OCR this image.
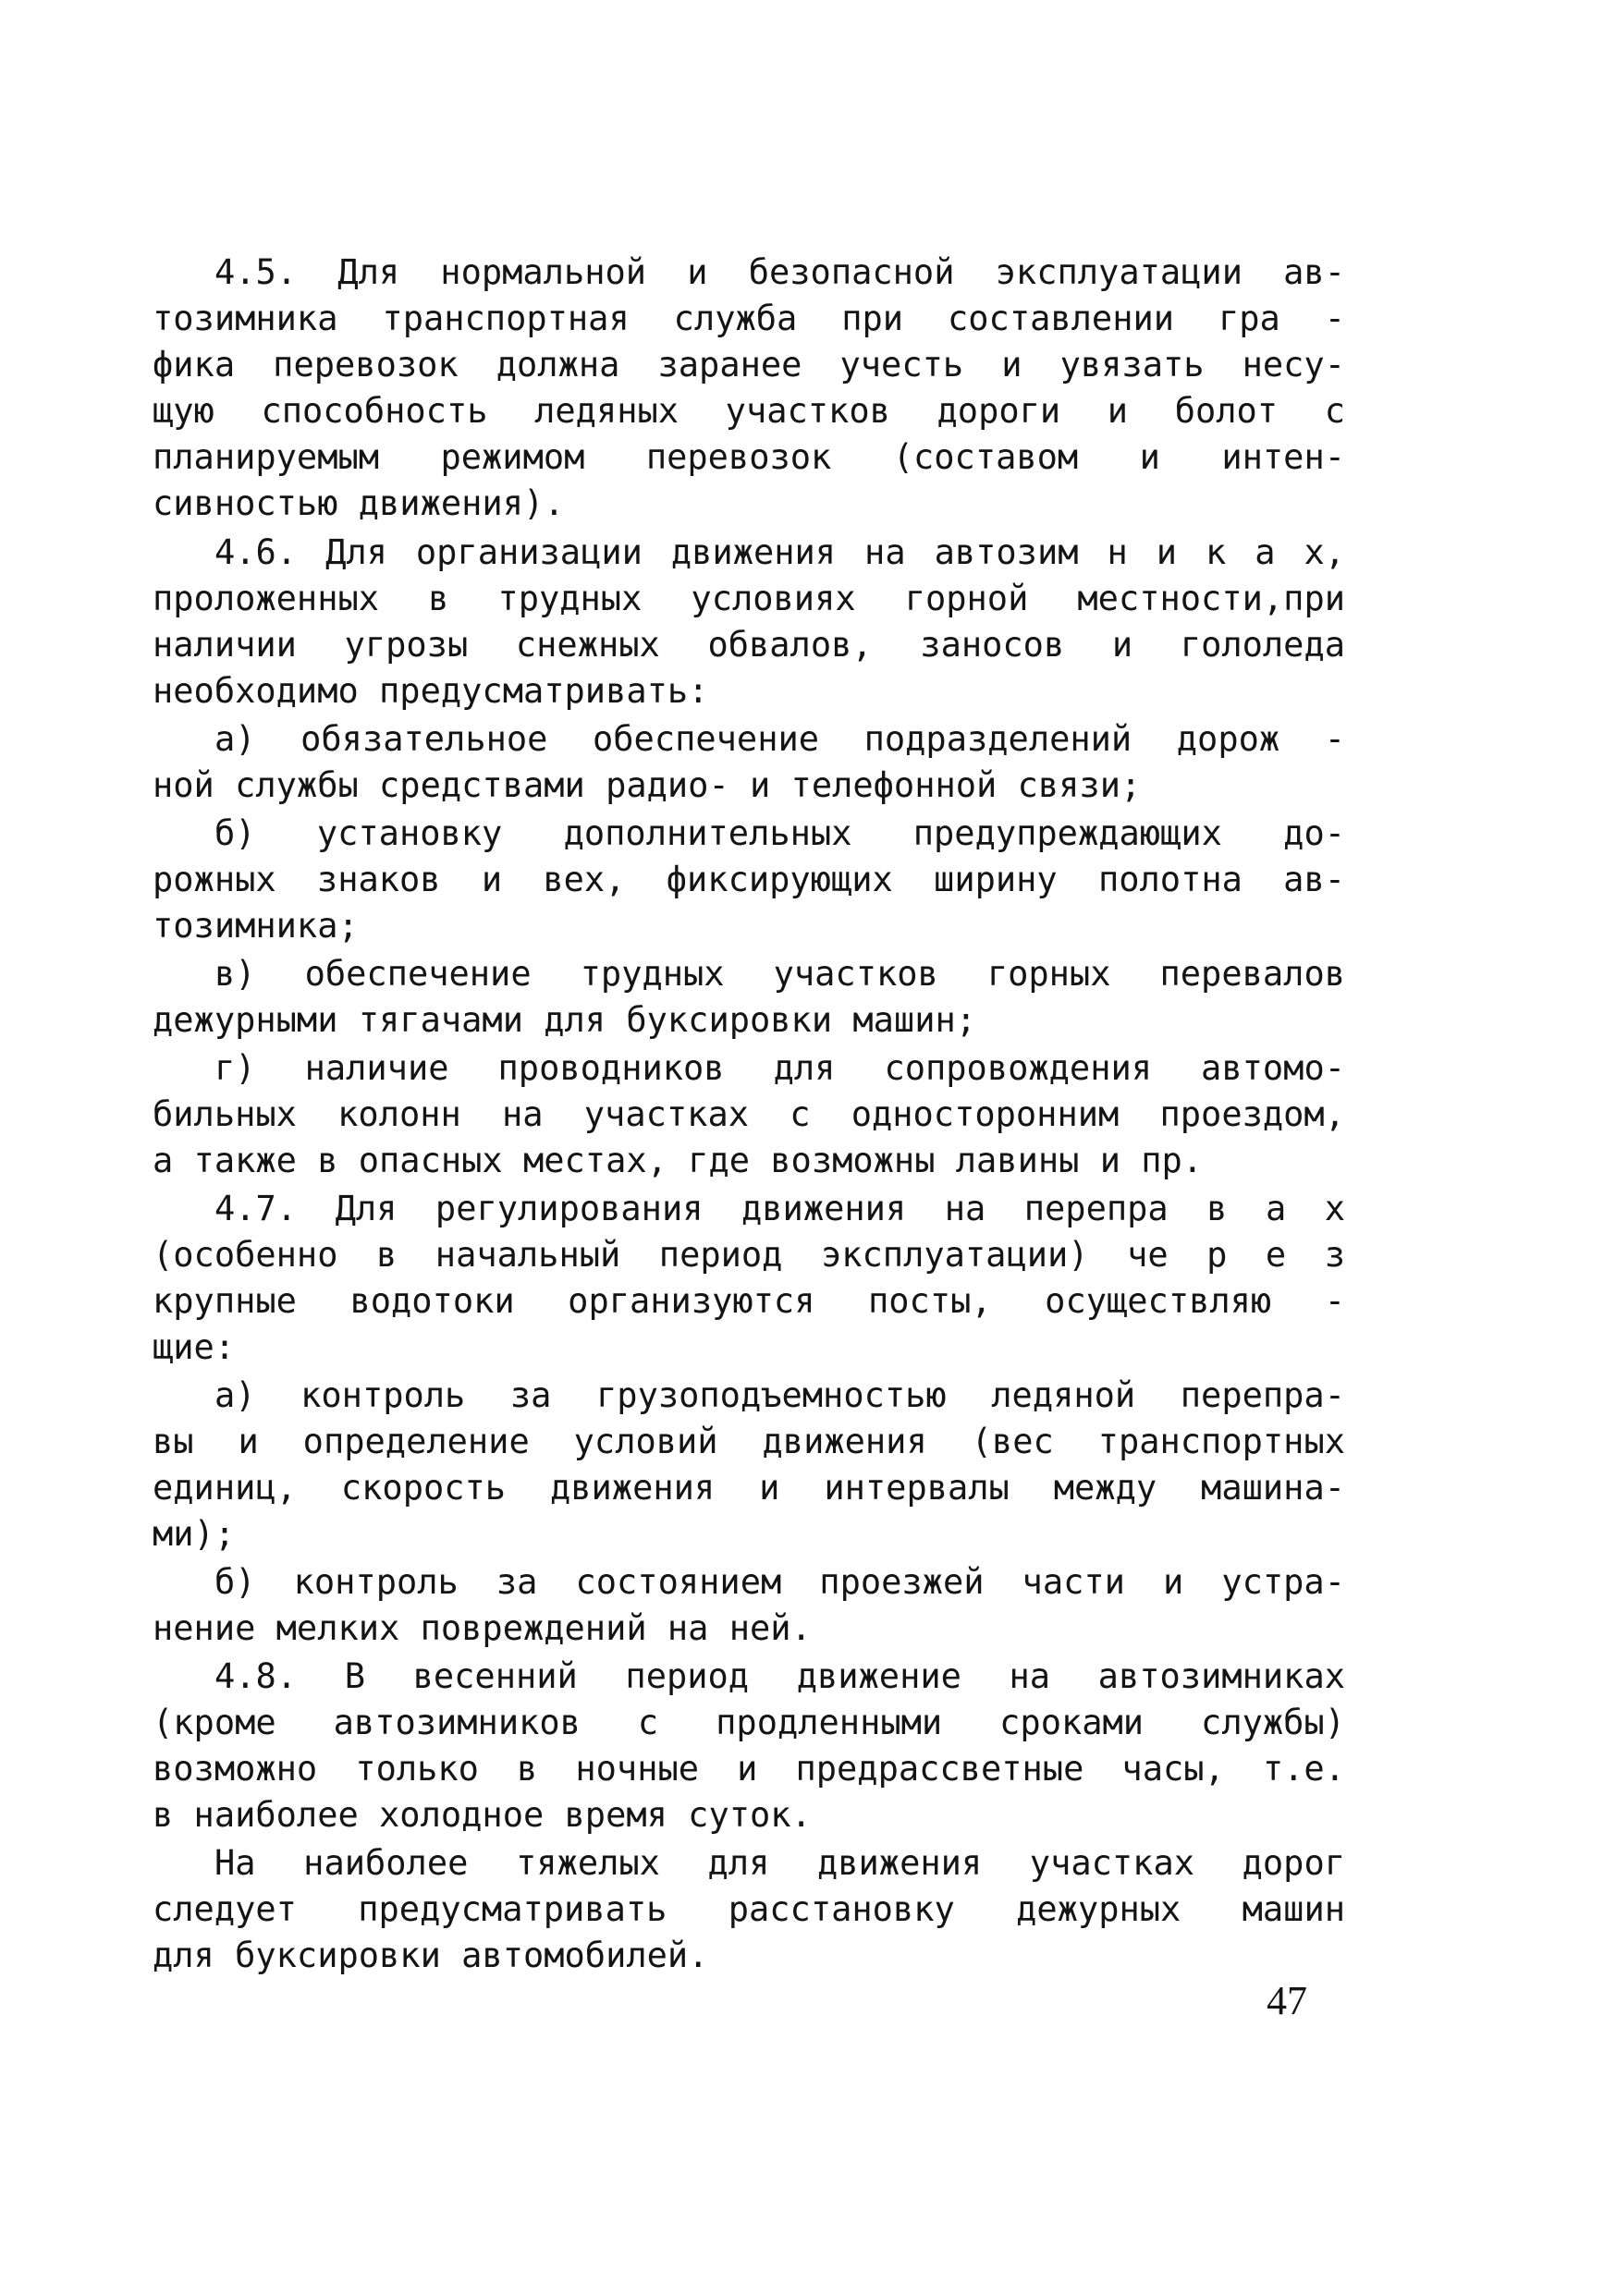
4.5. Для нормальной и безопасной эксплуатации ав-

тозимника транспортная служба при составлении гра -

фика перевозок должна заранее учесть и увязать несу-

щую способность ледяных участков дороги и болот с

планируемым режимом перевозок (составом и интен-

сивностью движения).

4.6. Для организации движения на автозим н и к а х,

проложенных в трудных условиях горной местности,при

наличии угрозы снежных обвалов, заносов и гололеда

необходимо предусматривать:

а) обязательное обеспечение подразделений дорож -

ной службы средствами радио- и телефонной связи;

б) установку дополнительных предупреждающих до-

рожных знаков и вех, фиксирующих ширину полотна ав-

тозимника;

в) обеспечение трудных участков горных перевалов

дежурными тягачами для буксировки машин;

г) наличие проводников для сопровождения автомо-

бильных колонн на участках с односторонним проездом,

а также в опасных местах, где возможны лавины и пр.

4.7. Для регулирования движения на перепра в а х

(особенно в начальный период эксплуатации) че р е з

крупные водотоки организуются посты, осуществляю -

щие:

а) контроль за грузоподъемностью ледяной перепра-

вы и определение условий движения (вес транспортных

единиц, скорость движения и интервалы между машина-

ми);

б) контроль за состоянием проезжей части и устра-

нение мелких повреждений на ней.

4.8. В весенний период движение на автозимниках

(кроме автозимников с продленными сроками службы)

возможно только в ночные и предрассветные часы, т.е.

в наиболее холодное время суток.

На наиболее тяжелых для движения участках дорог

следует предусматривать расстановку дежурных машин

для буксировки автомобилей.

47
